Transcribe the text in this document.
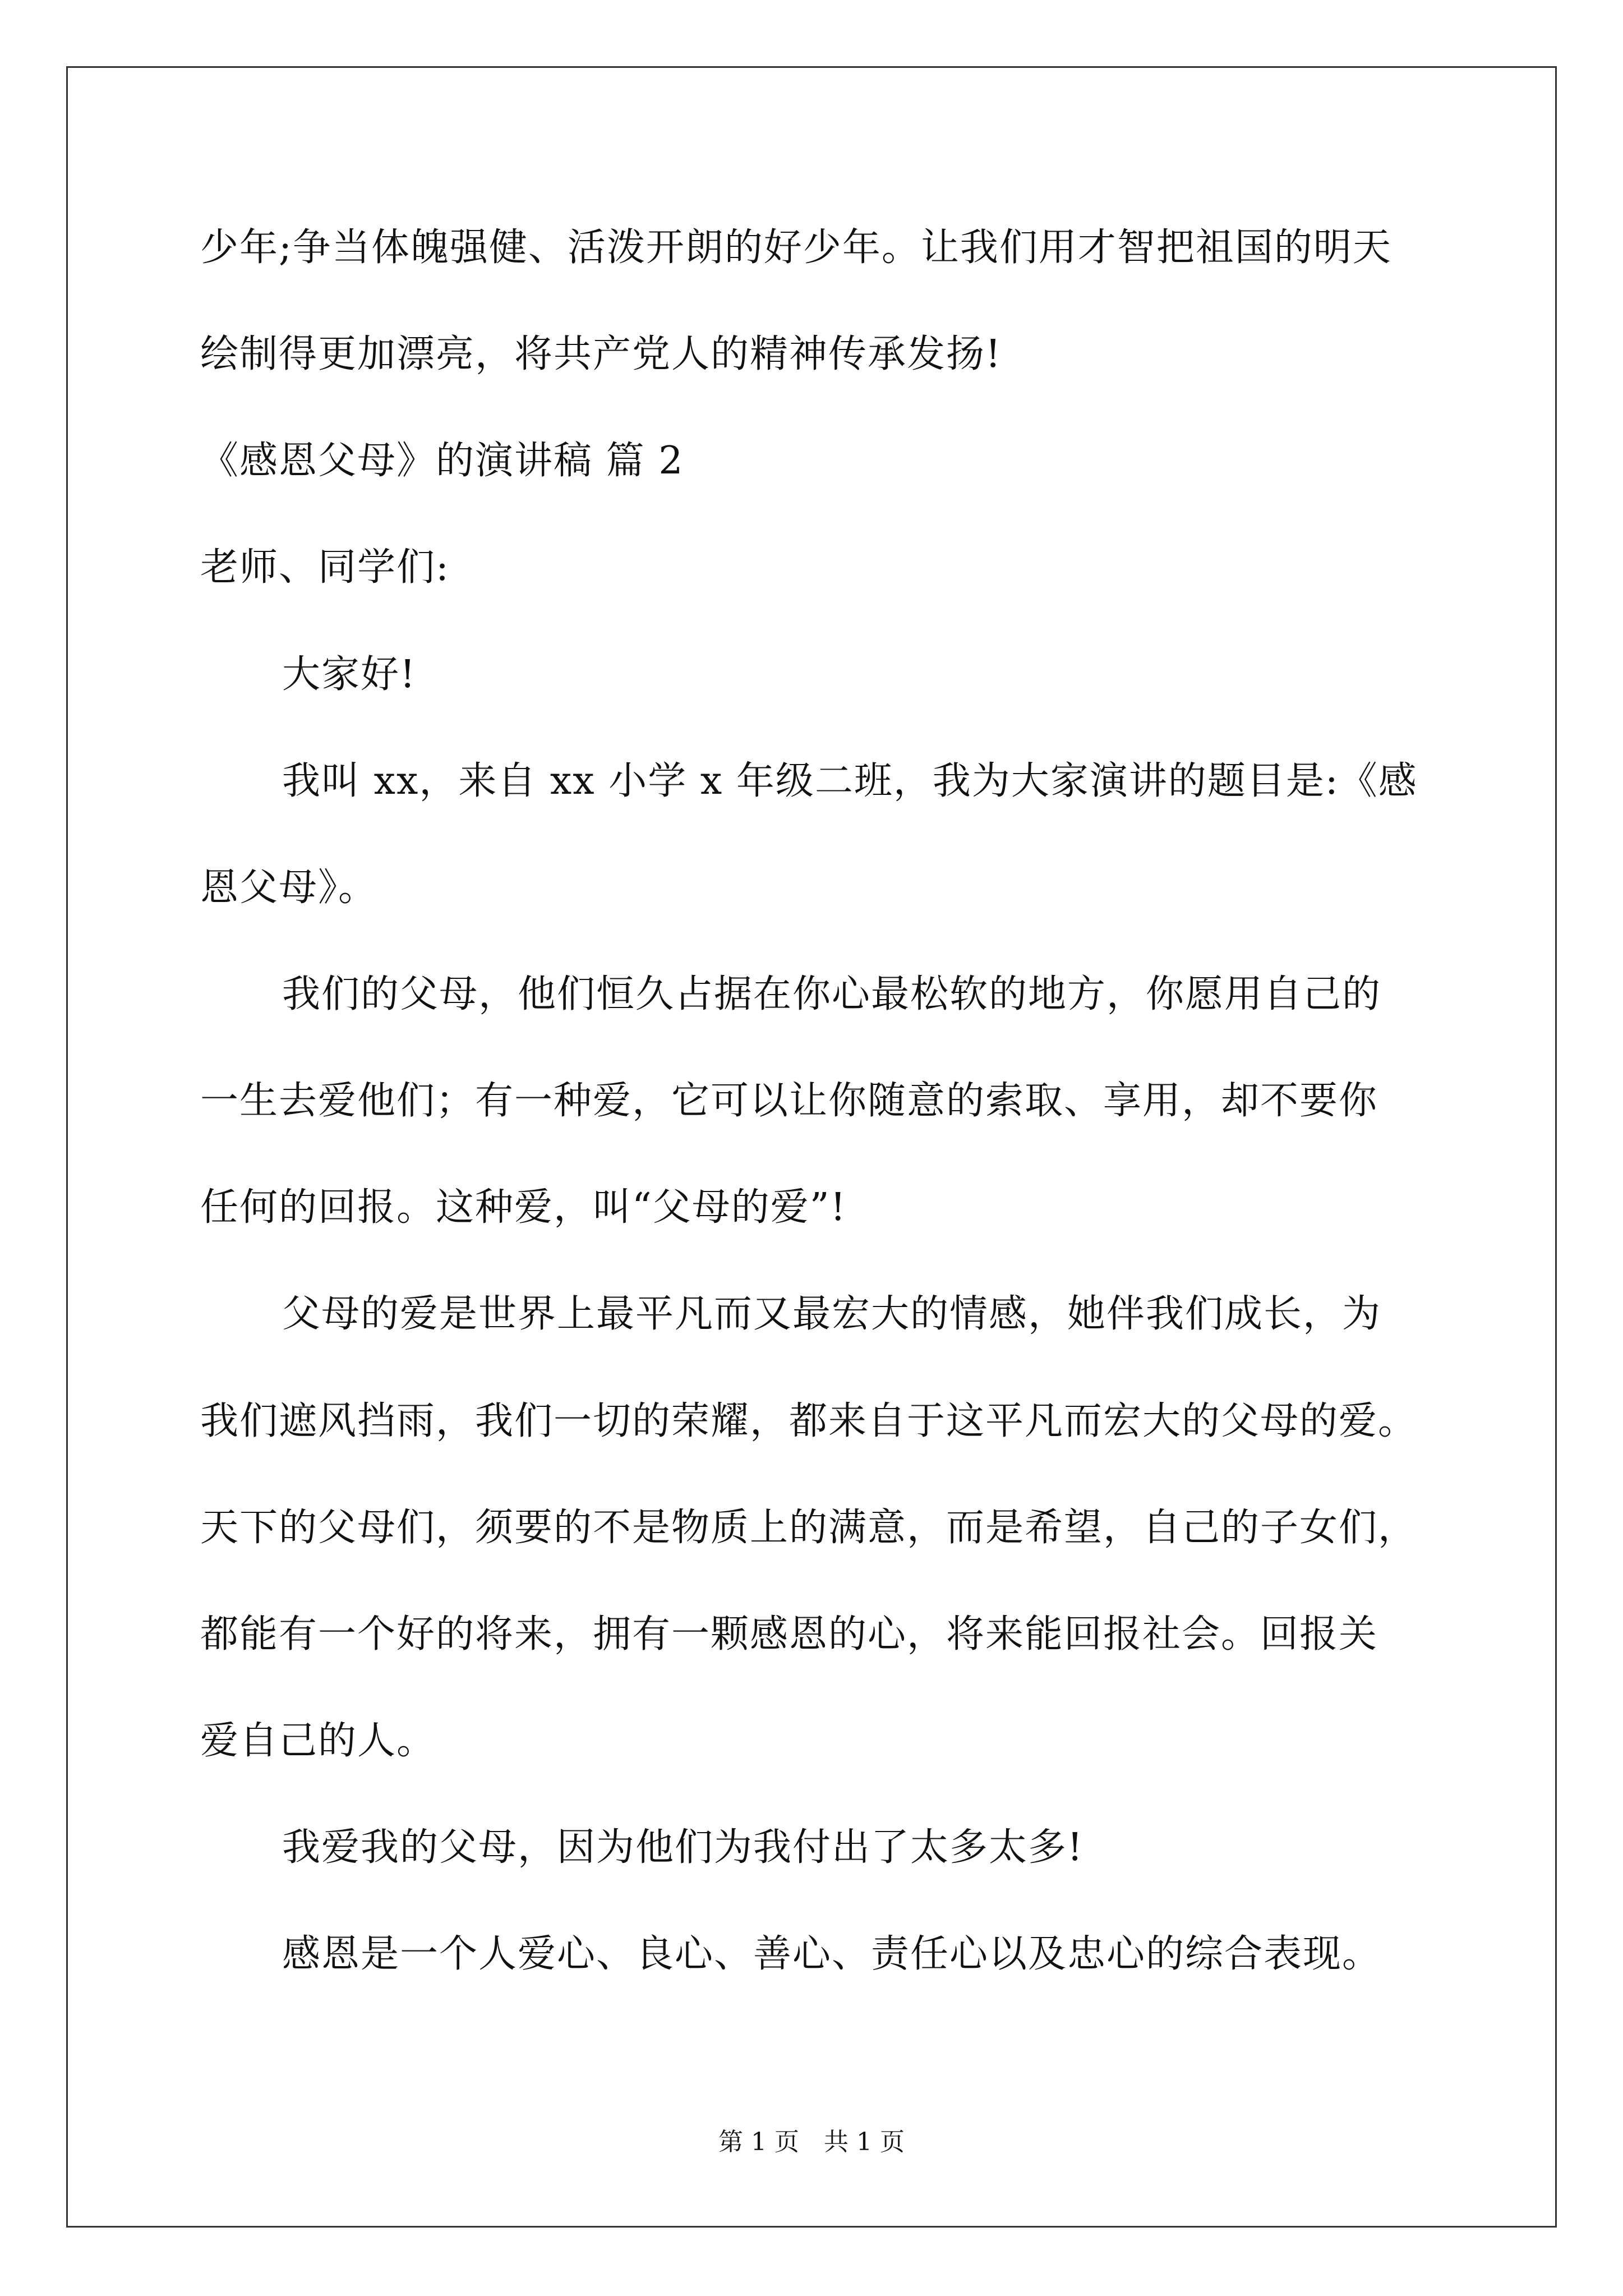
少年;争当体魄强健、活泼开朗的好少年。让我们用才智把祖国的明天
绘制得更加漂亮，将共产党人的精神传承发扬!
《感恩父母》的演讲稿 篇 2
老师、同学们:
大家好!
我叫 xx，来自 xx 小学 x 年级二班，我为大家演讲的题目是:《感
恩父母》。
我们的父母，他们恒久占据在你心最松软的地方，你愿用自己的
一生去爱他们；有一种爱，它可以让你随意的索取、享用，却不要你
任何的回报。这种爱，叫“父母的爱”!
父母的爱是世界上最平凡而又最宏大的情感，她伴我们成长，为
我们遮风挡雨，我们一切的荣耀，都来自于这平凡而宏大的父母的爱。
天下的父母们，须要的不是物质上的满意，而是希望，自己的子女们，
都能有一个好的将来，拥有一颗感恩的心，将来能回报社会。回报关
爱自己的人。
我爱我的父母，因为他们为我付出了太多太多!
感恩是一个人爱心、良心、善心、责任心以及忠心的综合表现。
第 1 页　共 1 页
